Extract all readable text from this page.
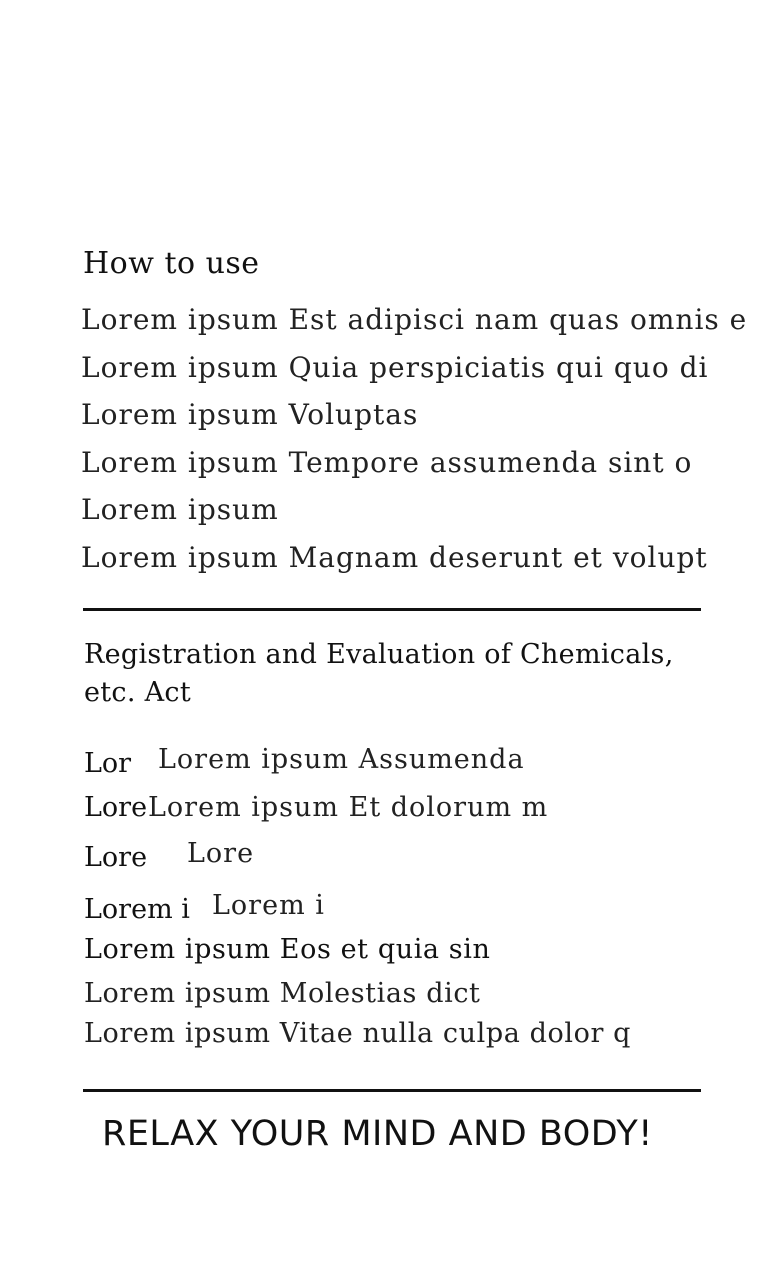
How to use
Lorem ipsum Est adipisci nam quas omnis e
Lorem ipsum Quia perspiciatis qui quo di
Lorem ipsum Voluptas
Lorem ipsum Tempore assumenda sint o
Lorem ipsum
Lorem ipsum Magnam deserunt et volupt
Registration and Evaluation of Chemicals, etc. Act
Lor Lorem ipsum Assumenda
Lore Lorem ipsum Et dolorum m
Lore Lore
Lorem i Lorem i
Lorem ipsum Eos et quia sin
Lorem ipsum Molestias dict
Lorem ipsum Vitae nulla culpa dolor q
RELAX YOUR MIND AND BODY!
